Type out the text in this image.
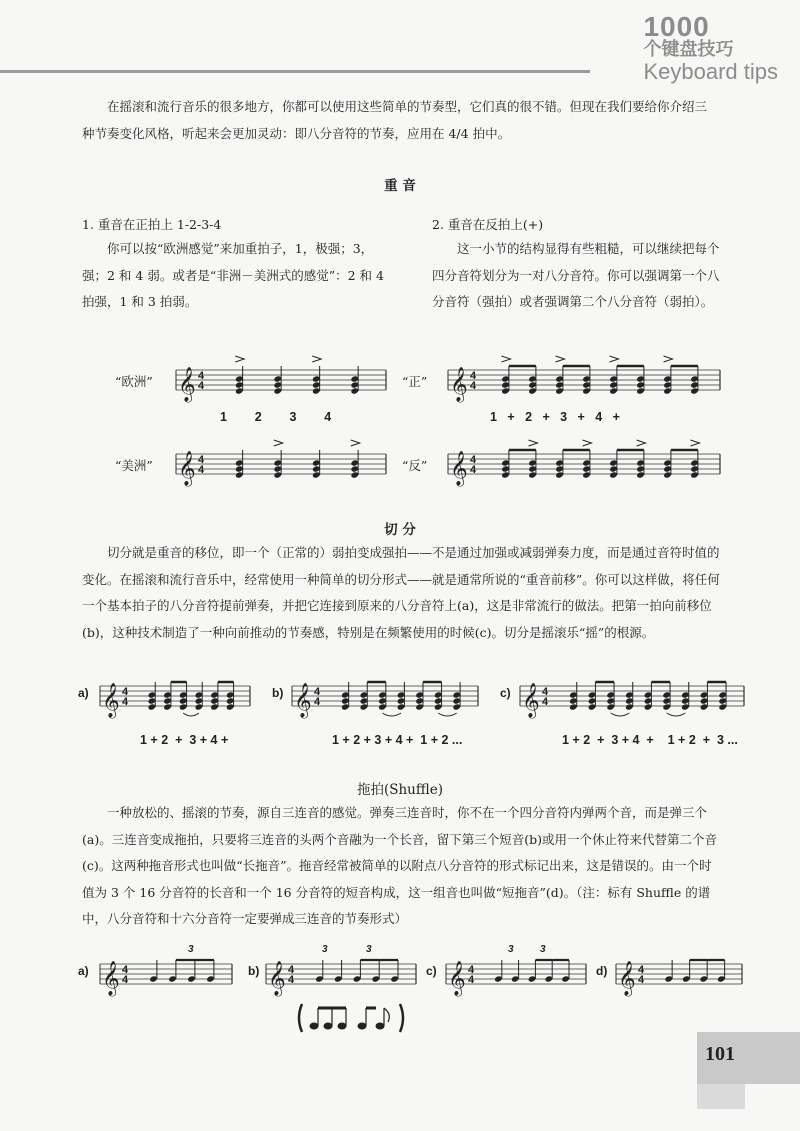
1000
个键盘技巧
Keyboard tips

在摇滚和流行音乐的很多地方，你都可以使用这些简单的节奏型，它们真的很不错。但现在我们要给你介绍三种节奏变化风格，听起来会更加灵动：即八分音符的节奏，应用在 4/4 拍中。

重 音

1. 重音在正拍上 1-2-3-4

你可以按“欧洲感觉”来加重拍子，1，极强；3，强；2 和 4 弱。或者是“非洲－美洲式的感觉”：2 和 4 拍强，1 和 3 拍弱。

2. 重音在反拍上(+)

这一小节的结构显得有些粗糙，可以继续把每个四分音符划分为一对八分音符。你可以强调第一个八分音符（强拍）或者强调第二个八分音符（弱拍）。

“欧洲”	“正”
“美洲”	“反”
𝄞 4
4	𝄞 4
4
𝄞 4
4	𝄞 4
4
1        2        3        4	1   +   2   +   3   +   4   +

切 分

切分就是重音的移位，即一个（正常的）弱拍变成强拍——不是通过加强或减弱弹奏力度，而是通过音符时值的变化。在摇滚和流行音乐中，经常使用一种简单的切分形式——就是通常所说的“重音前移”。你可以这样做，将任何一个基本拍子的八分音符提前弹奏，并把它连接到原来的八分音符上(a)，这是非常流行的做法。把第一拍向前移位(b)，这种技术制造了一种向前推动的节奏感，特别是在频繁使用的时候(c)。切分是摇滚乐“摇”的根源。

a)	b)	c)
𝄞 4
4	𝄞 4
4	𝄞 4
4
1 + 2  +  3 + 4 +	1 + 2 + 3 + 4 +  1 + 2 ...	1 + 2  +  3 + 4  +    1 + 2  +  3 ...

拖拍(Shuffle)

一种放松的、摇滚的节奏，源自三连音的感觉。弹奏三连音时，你不在一个四分音符内弹两个音，而是弹三个(a)。三连音变成拖拍，只要将三连音的头两个音融为一个长音，留下第三个短音(b)或用一个休止符来代替第二个音(c)。这两种拖音形式也叫做“长拖音”。拖音经常被简单的以附点八分音符的形式标记出来，这是错误的。由一个时值为 3 个 16 分音符的长音和一个 16 分音符的短音构成，这一组音也叫做“短拖音”(d)。（注：标有 Shuffle 的谱中，八分音符和十六分音符一定要弹成三连音的节奏形式）

a)	b)	c)	d)
𝄞 4
4	𝄞 4
4	𝄞 4
4	𝄞 4
4
3	3	3	3	3
101
